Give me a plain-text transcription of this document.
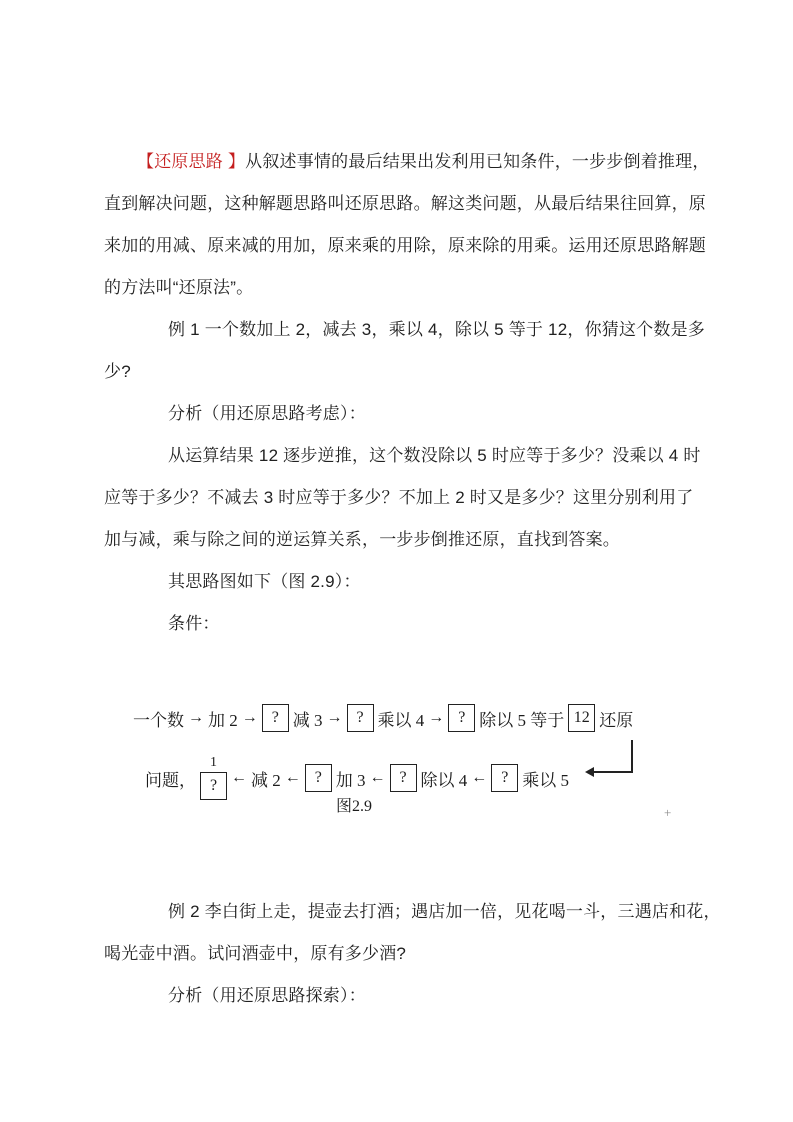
【还原思路 】从叙述事情的最后结果出发利用已知条件，一步步倒着推理，
直到解决问题，这种解题思路叫还原思路。解这类问题，从最后结果往回算，原
来加的用减、原来减的用加，原来乘的用除，原来除的用乘。运用还原思路解题
的方法叫“还原法”。
例 1 一个数加上 2，减去 3，乘以 4，除以 5 等于 12，你猜这个数是多
少?
分析（用还原思路考虑）：
从运算结果 12 逐步逆推，这个数没除以 5 时应等于多少？没乘以 4 时
应等于多少？不减去 3 时应等于多少？不加上 2 时又是多少？这里分别利用了
加与减，乘与除之间的逆运算关系，一步步倒推还原，直找到答案。
其思路图如下（图 2.9）：
条件：
一个数 → 加 2 → ? 减 3 → ? 乘以 4 → ? 除以 5 等于 12 还原
问题，
1
? ← 减 2 ← ? 加 3 ← ? 除以 4 ← ? 乘以 5
图2.9	+
例 2 李白街上走，提壶去打酒；遇店加一倍，见花喝一斗，三遇店和花，
喝光壶中酒。试问酒壶中，原有多少酒?
分析（用还原思路探索）：
